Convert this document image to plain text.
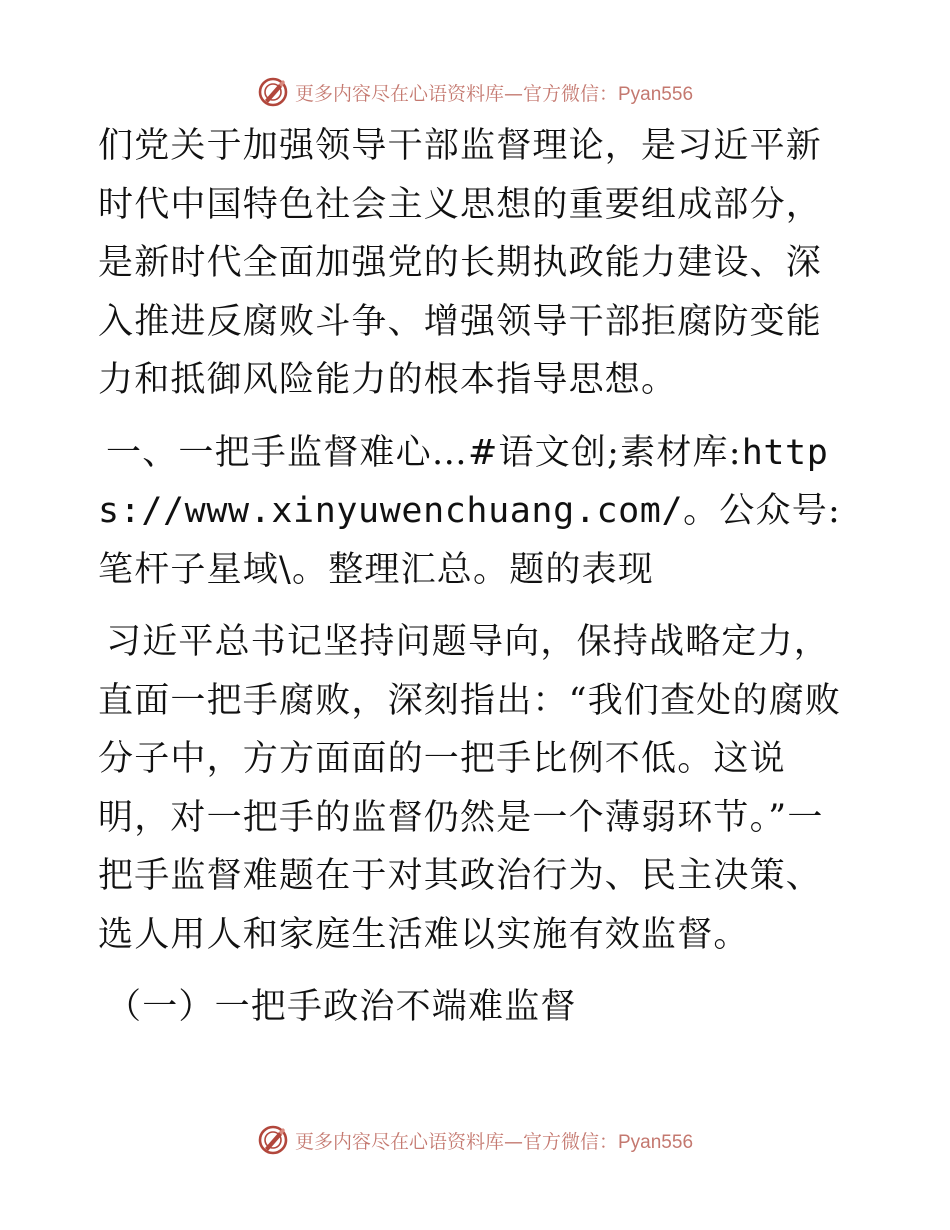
更多内容尽在心语资料库—官方微信：Pyan556

们党关于加强领导干部监督理论，是习近平新时代中国特色社会主义思想的重要组成部分，是新时代全面加强党的长期执政能力建设、深入推进反腐败斗争、增强领导干部拒腐防变能力和抵御风险能力的根本指导思想。

一、一把手监督难心…#语文创;素材库:https://www.xinyuwenchuang.com/。公众号: 笔杆子星域\。整理汇总。题的表现

习近平总书记坚持问题导向，保持战略定力，直面一把手腐败，深刻指出：“我们查处的腐败分子中，方方面面的一把手比例不低。这说明，对一把手的监督仍然是一个薄弱环节。”一把手监督难题在于对其政治行为、民主决策、选人用人和家庭生活难以实施有效监督。

（一）一把手政治不端难监督

更多内容尽在心语资料库—官方微信：Pyan556
